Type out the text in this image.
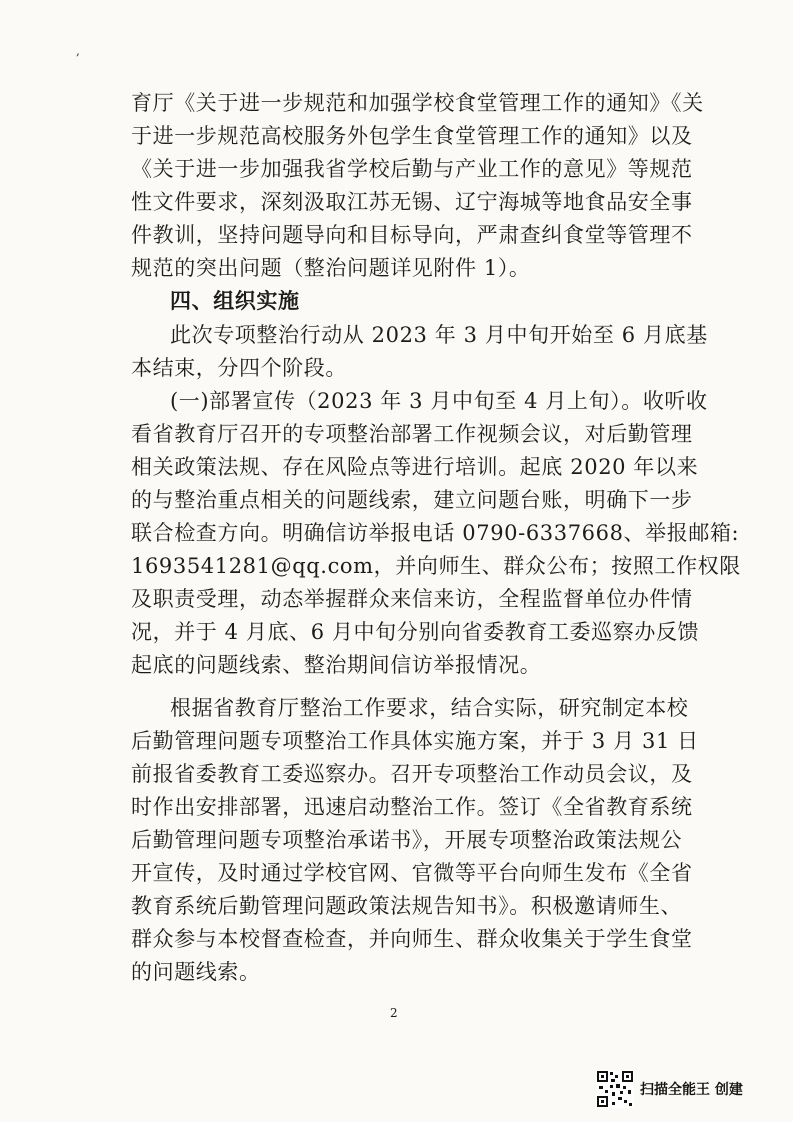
,
育厅《关于进一步规范和加强学校食堂管理工作的通知》《关
于进一步规范高校服务外包学生食堂管理工作的通知》以及
《关于进一步加强我省学校后勤与产业工作的意见》等规范
性文件要求，深刻汲取江苏无锡、辽宁海城等地食品安全事
件教训，坚持问题导向和目标导向，严肃查纠食堂等管理不
规范的突出问题（整治问题详见附件 1）。
四、组织实施
此次专项整治行动从 2023 年 3 月中旬开始至 6 月底基
本结束，分四个阶段。
(一)部署宣传（2023 年 3 月中旬至 4 月上旬）。收听收
看省教育厅召开的专项整治部署工作视频会议，对后勤管理
相关政策法规、存在风险点等进行培训。起底 2020 年以来
的与整治重点相关的问题线索，建立问题台账，明确下一步
联合检查方向。明确信访举报电话 0790-6337668、举报邮箱:
1693541281@qq.com，并向师生、群众公布；按照工作权限
及职责受理，动态举握群众来信来访，全程监督单位办件情
况，并于 4 月底、6 月中旬分别向省委教育工委巡察办反馈
起底的问题线索、整治期间信访举报情况。
根据省教育厅整治工作要求，结合实际，研究制定本校
后勤管理问题专项整治工作具体实施方案，并于 3 月 31 日
前报省委教育工委巡察办。召开专项整治工作动员会议，及
时作出安排部署，迅速启动整治工作。签订《全省教育系统
后勤管理问题专项整治承诺书》，开展专项整治政策法规公
开宣传，及时通过学校官网、官微等平台向师生发布《全省
教育系统后勤管理问题政策法规告知书》。积极邀请师生、
群众参与本校督查检查，并向师生、群众收集关于学生食堂
的问题线索。
2
扫描全能王 创建
